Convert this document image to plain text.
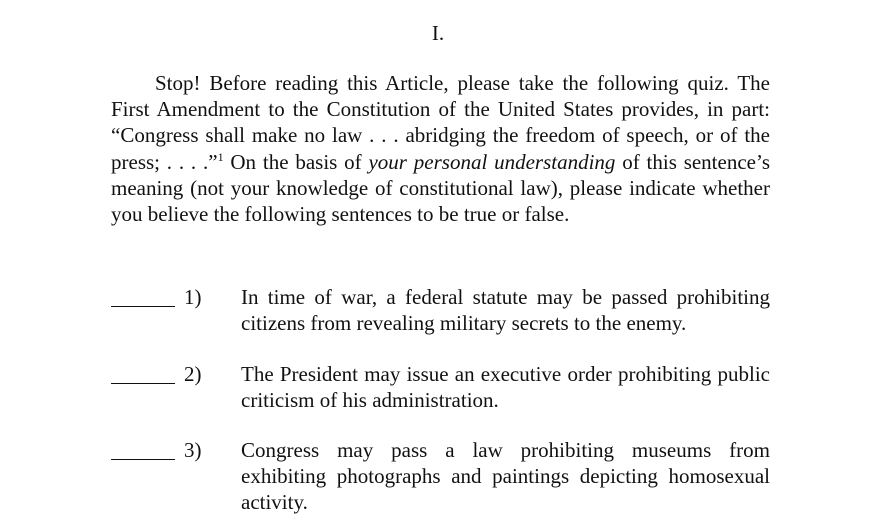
I.

Stop! Before reading this Article, please take the following quiz. The First Amendment to the Constitution of the United States provides, in part: “Congress shall make no law . . . abridging the freedom of speech, or of the press; . . . .”$^1$ On the basis of your personal understanding of this sentence’s meaning (not your knowledge of constitutional law), please indicate whether you believe the following sentences to be true or false.

1) In time of war, a federal statute may be passed prohibiting citizens from revealing military secrets to the enemy.

2) The President may issue an executive order prohibiting public criticism of his administration.

3) Congress may pass a law prohibiting museums from exhibiting photographs and paintings depicting homosexual activity.
